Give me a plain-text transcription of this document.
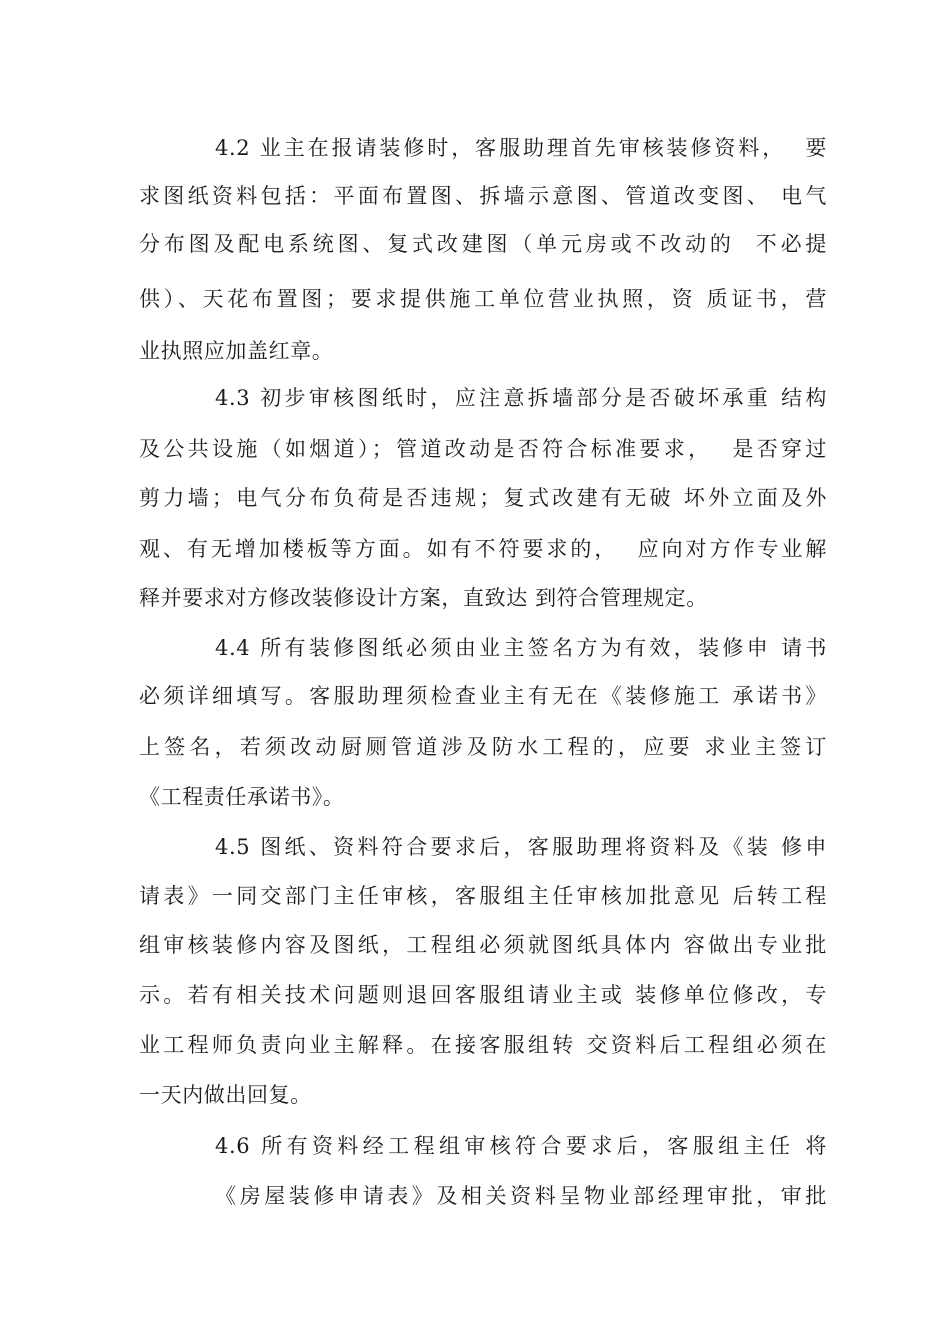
4.2 业主在报请装修时，客服助理首先审核装修资料，  要
求图纸资料包括：平面布置图、拆墙示意图、管道改变图、 电气
分布图及配电系统图、复式改建图（单元房或不改动的  不必提
供）、天花布置图；要求提供施工单位营业执照，资 质证书，营
业执照应加盖红章。
4.3 初步审核图纸时，应注意拆墙部分是否破坏承重 结构
及公共设施（如烟道）；管道改动是否符合标准要求，  是否穿过
剪力墙；电气分布负荷是否违规；复式改建有无破 坏外立面及外
观、有无增加楼板等方面。如有不符要求的，  应向对方作专业解
释并要求对方修改装修设计方案，直致达 到符合管理规定。
4.4 所有装修图纸必须由业主签名方为有效，装修申 请书
必须详细填写。客服助理须检查业主有无在《装修施工 承诺书》
上签名，若须改动厨厕管道涉及防水工程的，应要 求业主签订
《工程责任承诺书》。
4.5 图纸、资料符合要求后，客服助理将资料及《装 修申
请表》一同交部门主任审核，客服组主任审核加批意见 后转工程
组审核装修内容及图纸，工程组必须就图纸具体内 容做出专业批
示。若有相关技术问题则退回客服组请业主或 装修单位修改，专
业工程师负责向业主解释。在接客服组转 交资料后工程组必须在
一天内做出回复。
4.6 所有资料经工程组审核符合要求后，客服组主任 将
《房屋装修申请表》及相关资料呈物业部经理审批，审批
